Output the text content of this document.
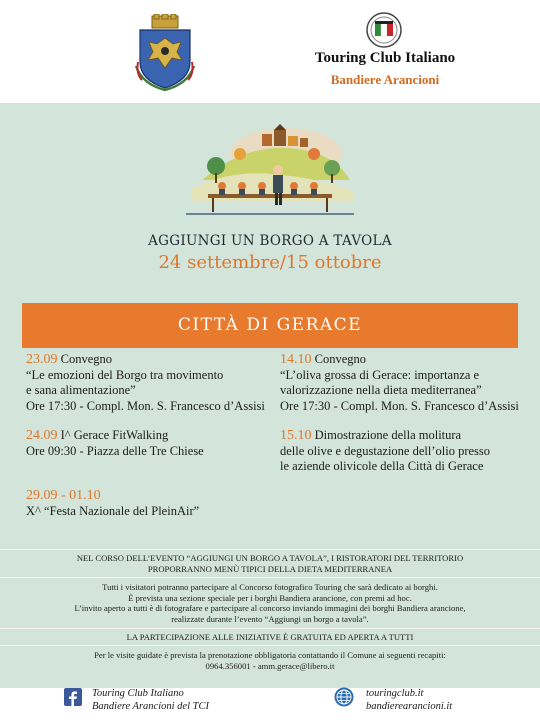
Touring Club Italiano
Bandiere Arancioni
AGGIUNGI UN BORGO A TAVOLA
24 settembre/15 ottobre
CITTÀ DI GERACE
23.09 Convegno
“Le emozioni del Borgo tra movimento
e sana alimentazione”
Ore 17:30 - Compl. Mon. S. Francesco d’Assisi
24.09 I^ Gerace FitWalking
Ore 09:30 - Piazza delle Tre Chiese
29.09 - 01.10
X^ “Festa Nazionale del PleinAir”
14.10 Convegno
“L’oliva grossa di Gerace: importanza e
valorizzazione nella dieta mediterranea”
Ore 17:30 - Compl. Mon. S. Francesco d’Assisi
15.10 Dimostrazione della molitura
delle olive e degustazione dell’olio presso
le aziende olivicole della Città di Gerace
NEL CORSO DELL’EVENTO “AGGIUNGI UN BORGO A TAVOLA”, I RISTORATORI DEL TERRITORIO
PROPORRANNO MENÙ TIPICI DELLA DIETA MEDITERRANEA
Tutti i visitatori potranno partecipare al Concorso fotografico Touring che sarà dedicato ai borghi.
È prevista una sezione speciale per i borghi Bandiera arancione, con premi ad hoc.
L’invito aperto a tutti è di fotografare e partecipare al concorso inviando immagini dei borghi Bandiera arancione,
realizzate durante l’evento “Aggiungi un borgo a tavola”.
LA PARTECIPAZIONE ALLE INIZIATIVE È GRATUITA ED APERTA A TUTTI
Per le visite guidate è prevista la prenotazione obbligatoria contattando il Comune ai seguenti recapiti:
0964.356001 - amm.gerace@libero.it
Touring Club Italiano
Bandiere Arancioni del TCI
touringclub.it
bandierearancioni.it
